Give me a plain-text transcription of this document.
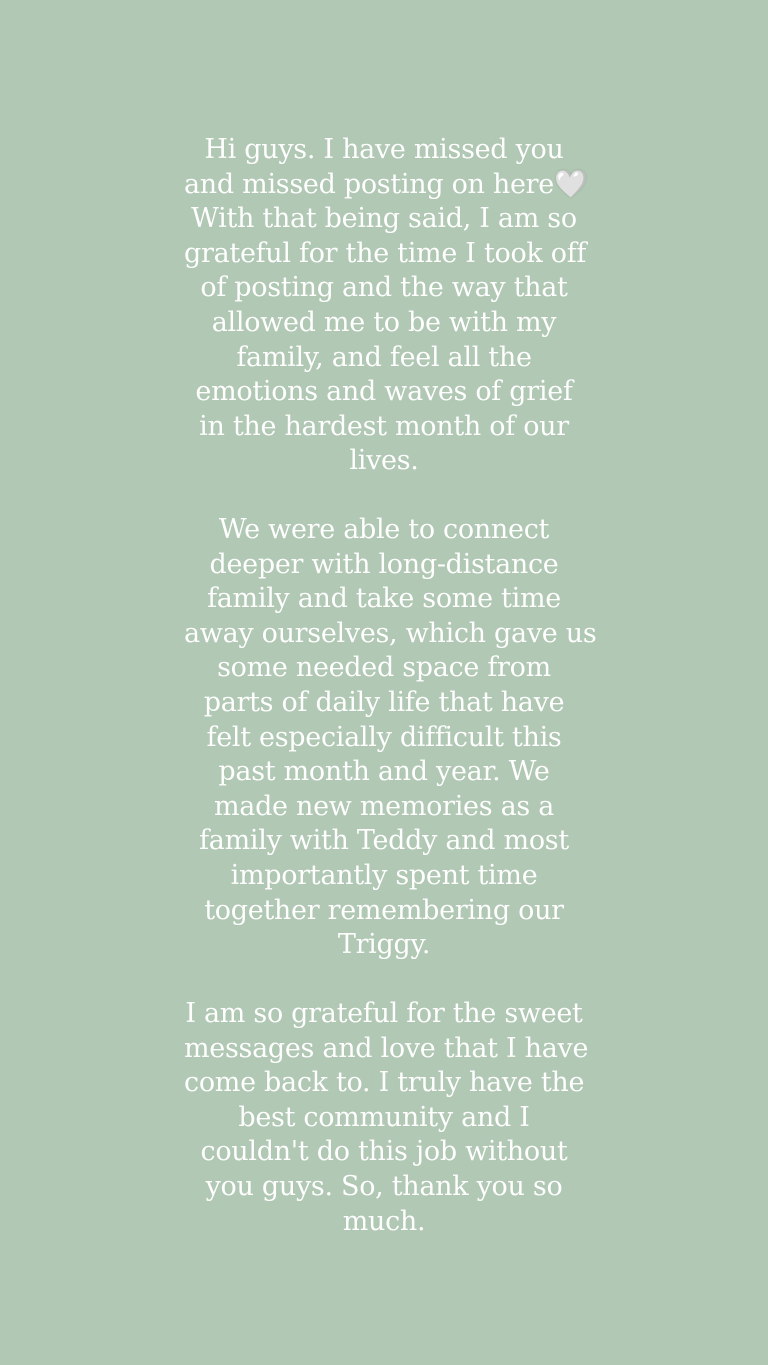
Hi guys. I have missed you
and missed posting on here🤍
With that being said, I am so
grateful for the time I took off
of posting and the way that
allowed me to be with my
family, and feel all the
emotions and waves of grief
in the hardest month of our
lives.
We were able to connect
deeper with long-distance
family and take some time
away ourselves, which gave us
some needed space from
parts of daily life that have
felt especially difficult this
past month and year. We
made new memories as a
family with Teddy and most
importantly spent time
together remembering our
Triggy.
I am so grateful for the sweet
messages and love that I have
come back to. I truly have the
best community and I
couldn't do this job without
you guys. So, thank you so
much.
